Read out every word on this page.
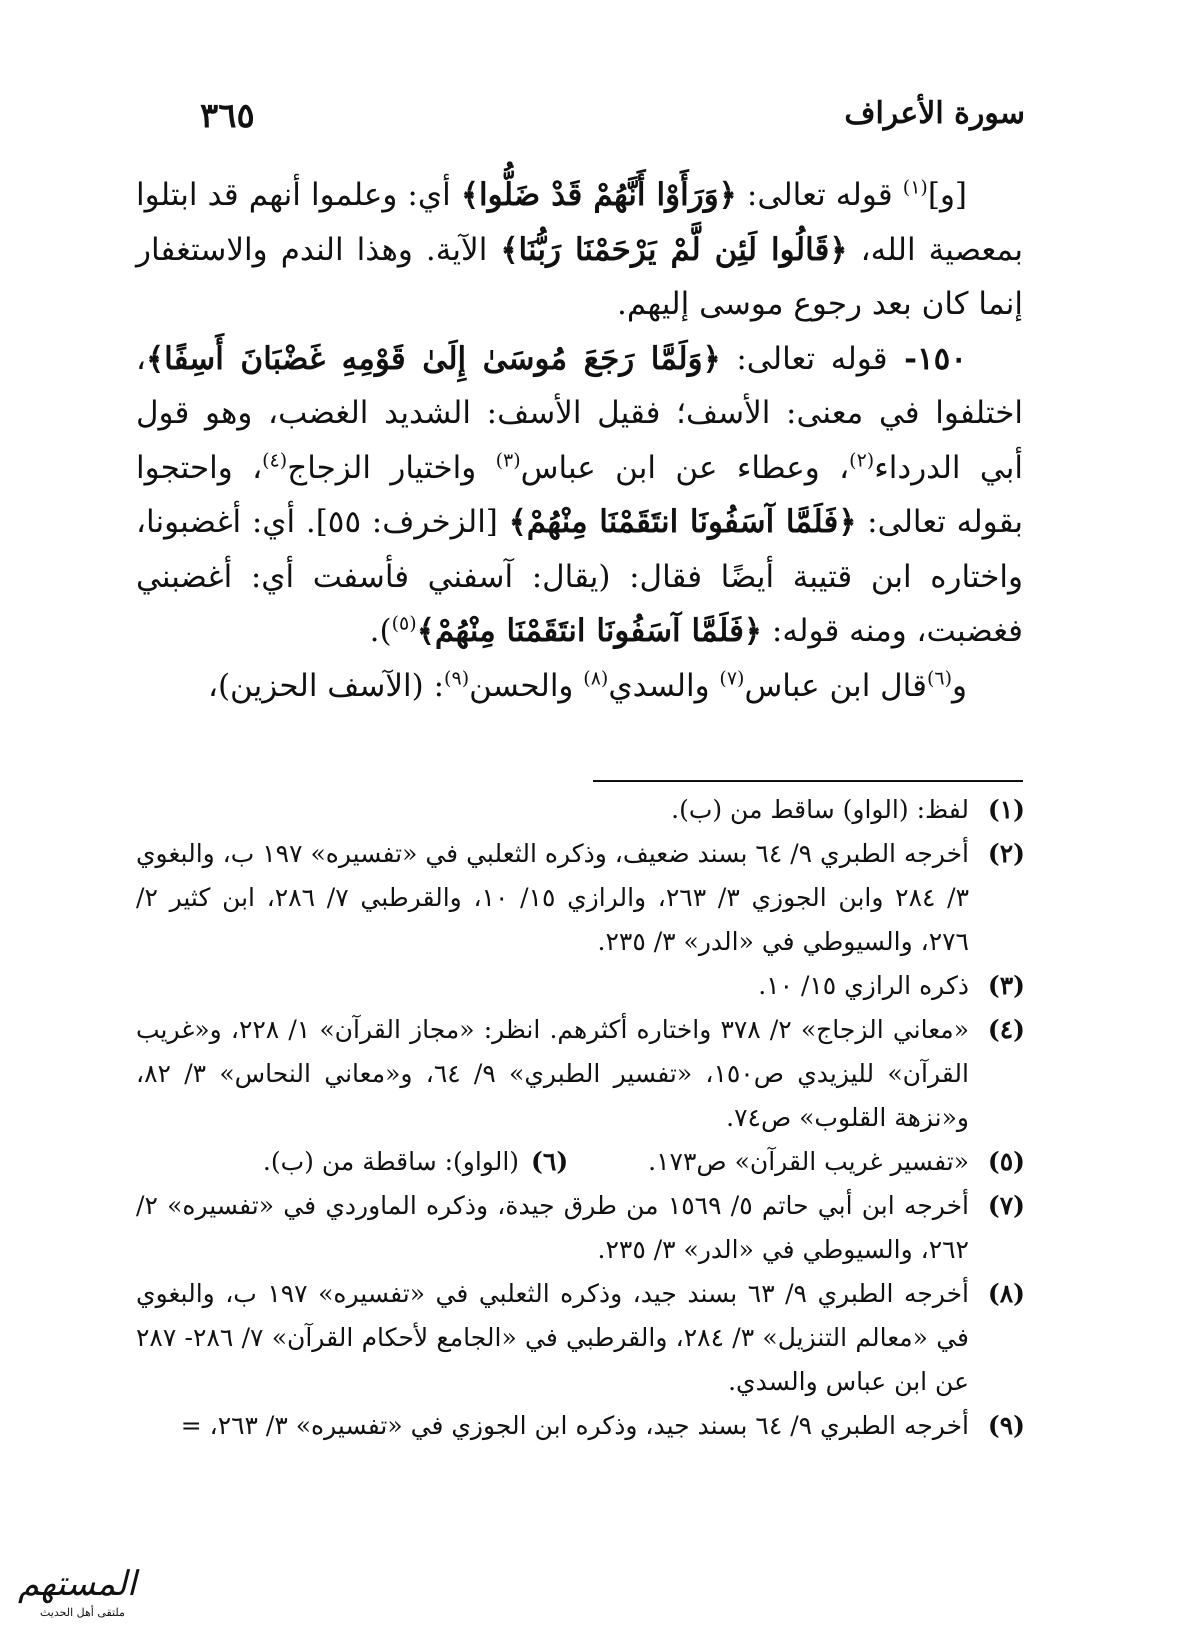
سورة الأعراف
٣٦٥

[و]$^{(١)}$ قوله تعالى: ﴿وَرَأَوْا أَنَّهُمْ قَدْ ضَلُّوا﴾ أي: وعلموا أنهم قد ابتلوا بمعصية الله، ﴿قَالُوا لَئِن لَّمْ يَرْحَمْنَا رَبُّنَا﴾ الآية. وهذا الندم والاستغفار إنما كان بعد رجوع موسى إليهم.

١٥٠- قوله تعالى: ﴿وَلَمَّا رَجَعَ مُوسَىٰ إِلَىٰ قَوْمِهِ غَضْبَانَ أَسِفًا﴾، اختلفوا في معنى: الأسف؛ فقيل الأسف: الشديد الغضب، وهو قول أبي الدرداء$^{(٢)}$، وعطاء عن ابن عباس$^{(٣)}$ واختيار الزجاج$^{(٤)}$، واحتجوا بقوله تعالى: ﴿فَلَمَّا آسَفُونَا انتَقَمْنَا مِنْهُمْ﴾ [الزخرف: ٥٥]. أي: أغضبونا، واختاره ابن قتيبة أيضًا فقال: (يقال: آسفني فأسفت أي: أغضبني فغضبت، ومنه قوله: ﴿فَلَمَّا آسَفُونَا انتَقَمْنَا مِنْهُمْ﴾$^{(٥)}$).

و$^{(٦)}$قال ابن عباس$^{(٧)}$ والسدي$^{(٨)}$ والحسن$^{(٩)}$: (الآسف الحزين)،

(١)
لفظ: (الواو) ساقط من (ب).
(٢)
أخرجه الطبري ٩/ ٦٤ بسند ضعيف، وذكره الثعلبي في «تفسيره» ١٩٧ ب، والبغوي ٣/ ٢٨٤ وابن الجوزي ٣/ ٢٦٣، والرازي ١٥/ ١٠، والقرطبي ٧/ ٢٨٦، ابن كثير ٢/ ٢٧٦، والسيوطي في «الدر» ٣/ ٢٣٥.
(٣)
ذكره الرازي ١٥/ ١٠.
(٤)
«معاني الزجاج» ٢/ ٣٧٨ واختاره أكثرهم. انظر: «مجاز القرآن» ١/ ٢٢٨، و«غريب القرآن» لليزيدي ص١٥٠، «تفسير الطبري» ٩/ ٦٤، و«معاني النحاس» ٣/ ٨٢، و«نزهة القلوب» ص٧٤.
(٥)
«تفسير غريب القرآن» ص١٧٣.
(٦)
(الواو): ساقطة من (ب).
(٧)
أخرجه ابن أبي حاتم ٥/ ١٥٦٩ من طرق جيدة، وذكره الماوردي في «تفسيره» ٢/ ٢٦٢، والسيوطي في «الدر» ٣/ ٢٣٥.
(٨)
أخرجه الطبري ٩/ ٦٣ بسند جيد، وذكره الثعلبي في «تفسيره» ١٩٧ ب، والبغوي في «معالم التنزيل» ٣/ ٢٨٤، والقرطبي في «الجامع لأحكام القرآن» ٧/ ٢٨٦- ٢٨٧ عن ابن عباس والسدي.
(٩)
أخرجه الطبري ٩/ ٦٤ بسند جيد، وذكره ابن الجوزي في «تفسيره» ٣/ ٢٦٣، =
المستهم
ملتقى أهل الحديث
